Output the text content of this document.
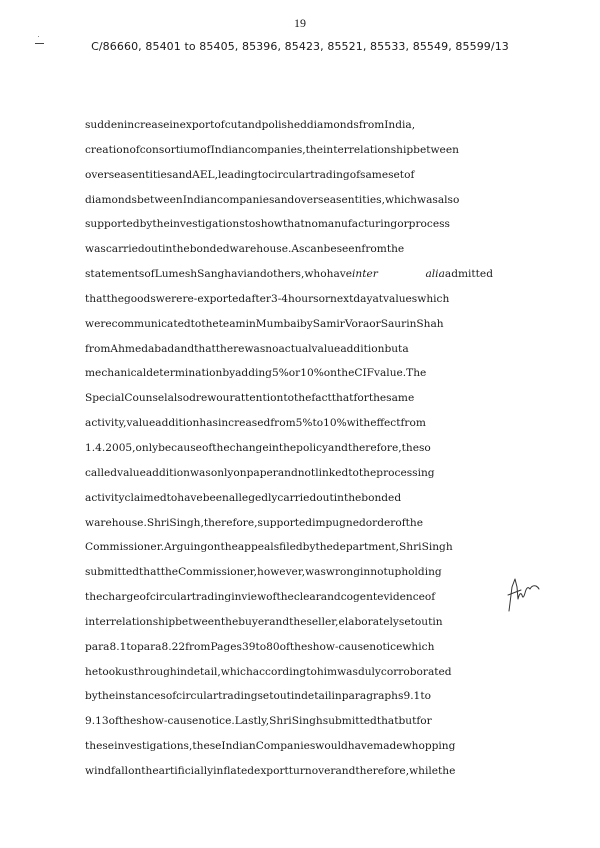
19
C/86660, 85401 to 85405, 85396, 85423, 85521, 85533, 85549, 85599/13
suddenincreaseinexportofcutandpolisheddiamondsfromIndia,
creationofconsortiumofIndiancompanies,theinterrelationshipbetween
overseasentitiesandAEL,leadingtocirculartradingofsamesetof
diamondsbetweenIndiancompaniesandoverseasentities,whichwasalso
supportedbytheinvestigationstoshowthatnomanufacturingorprocess
wascarriedoutinthebondedwarehouse.Ascanbeseenfromthe
statementsofLumeshSanghaviandothers,whohaveinter aliaadmitted
thatthegoodswerere-exportedafter3-4hoursornextdayatvalueswhich
werecommunicatedtotheteaminMumbaibySamirVoraorSaurinShah
fromAhmedabadandthattherewasnoactualvalueadditionbuta
mechanicaldeterminationbyadding5%or10%ontheCIFvalue.The
SpecialCounselalsodrewourattentiontothefactthatforthesame
activity,valueadditionhasincreasedfrom5%to10%witheffectfrom
1.4.2005,onlybecauseofthechangeinthepolicyandtherefore,theso
calledvalueadditionwasonlyonpaperandnotlinkedtotheprocessing
activityclaimedtohavebeenallegedlycarriedoutinthebonded
warehouse.ShriSingh,therefore,supportedimpugnedorderofthe
Commissioner.Arguingontheappealsfiledbythedepartment,ShriSingh
submittedthattheCommissioner,however,waswronginnotupholding
thechargeofcirculartradinginviewoftheclearandcogentevidenceof
interrelationshipbetweenthebuyerandtheseller,elaboratelysetoutin
para8.1topara8.22fromPages39to80oftheshow-causenoticewhich
hetookusthroughindetail,whichaccordingtohimwasdulycorroborated
bytheinstancesofcirculartradingsetoutindetailinparagraphs9.1to
9.13oftheshow-causenotice.Lastly,ShriSinghsubmittedthatbutfor
theseinvestigations,theseIndianCompanieswouldhavemadewhopping
windfallontheartificiallyinflatedexportturnoverandtherefore,whilethe
